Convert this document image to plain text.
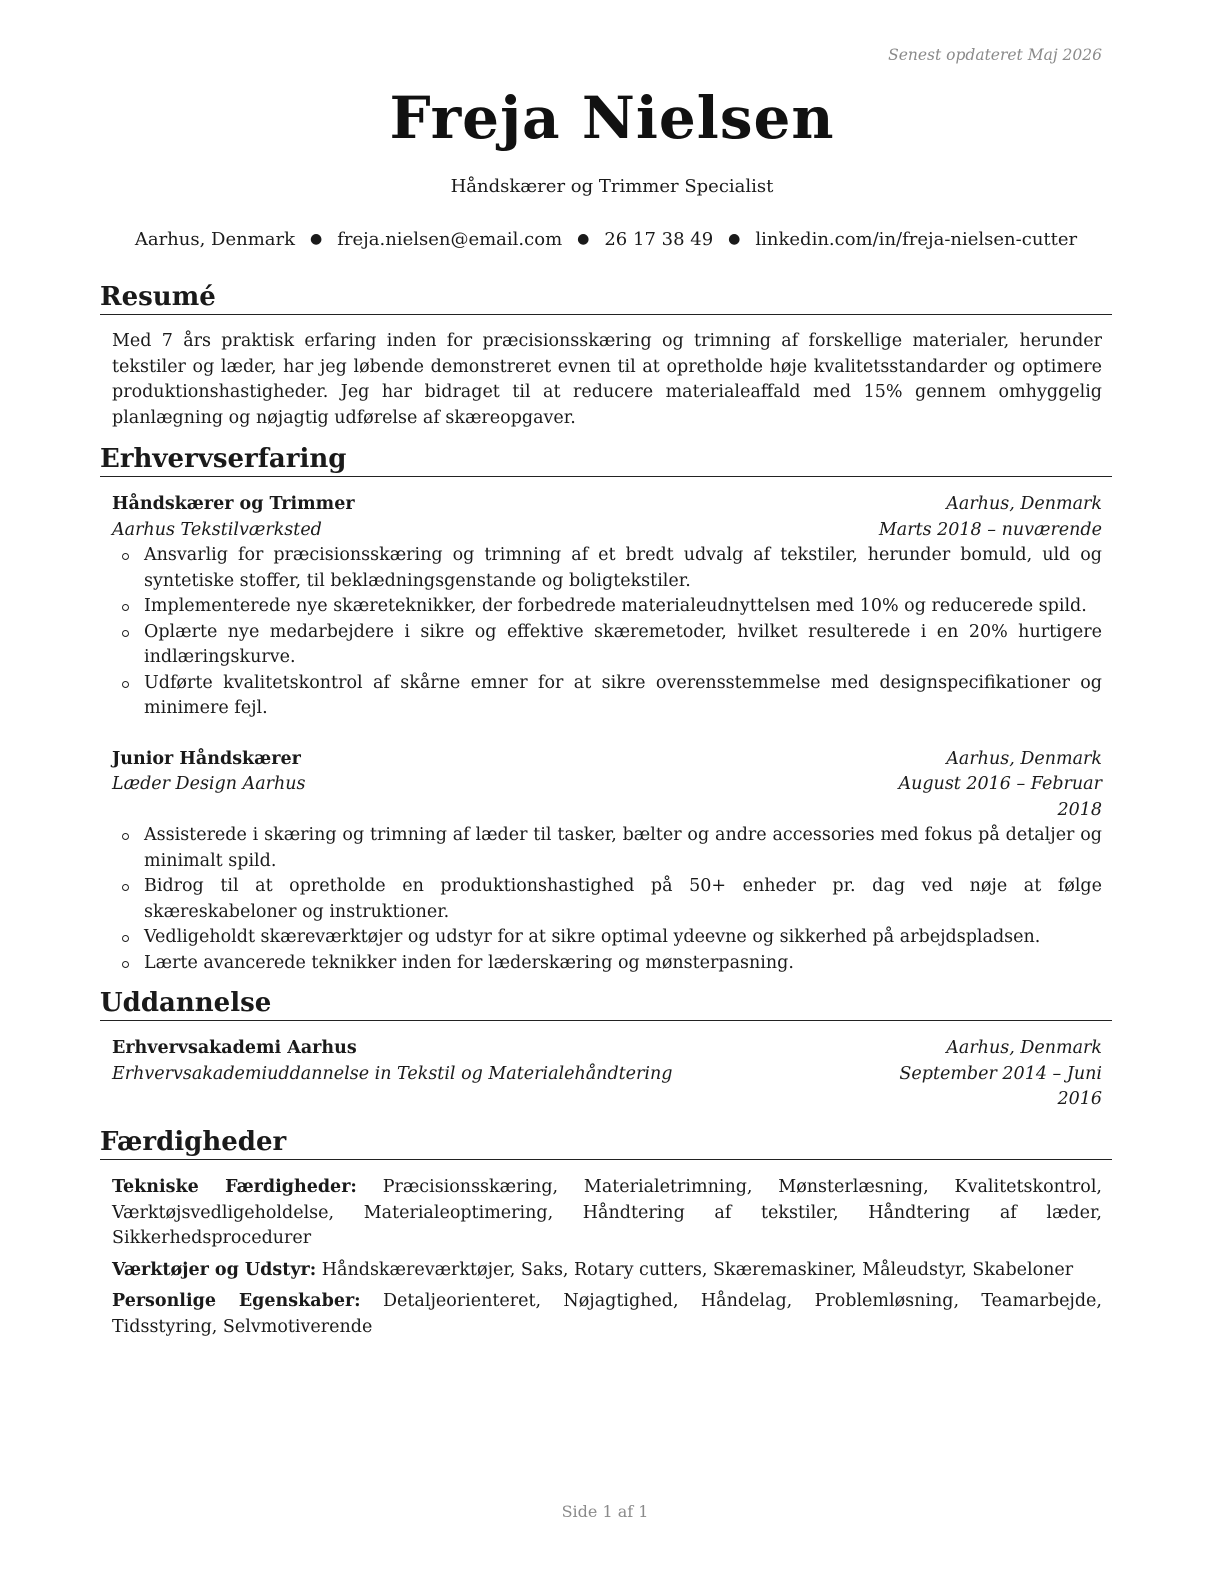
Senest opdateret Maj 2026
Freja Nielsen
Håndskærer og Trimmer Specialist
Aarhus, Denmark ● freja.nielsen@email.com ● 26 17 38 49 ● linkedin.com/in/freja-nielsen-cutter
Resumé

Med 7 års praktisk erfaring inden for præcisionsskæring og trimning af forskellige materialer, herunder tekstiler og læder, har jeg løbende demonstreret evnen til at opretholde høje kvalitetsstandarder og optimere produktionshastigheder. Jeg har bidraget til at reducere materialeaffald med 15% gennem omhyggelig planlægning og nøjagtig udførelse af skæreopgaver.

Erhvervserfaring
Håndskærer og Trimmer	Aarhus, Denmark
Aarhus Tekstilværksted	Marts 2018 – nuværende
Ansvarlig for præcisionsskæring og trimning af et bredt udvalg af tekstiler, herunder bomuld, uld og syntetiske stoffer, til beklædningsgenstande og boligtekstiler.
Implementerede nye skæreteknikker, der forbedrede materialeudnyttelsen med 10% og reducerede spild.
Oplærte nye medarbejdere i sikre og effektive skæremetoder, hvilket resulterede i en 20% hurtigere indlæringskurve.
Udførte kvalitetskontrol af skårne emner for at sikre overensstemmelse med designspecifikationer og minimere fejl.
Junior Håndskærer	Aarhus, Denmark
Læder Design Aarhus	August 2016 – Februar
2018
Assisterede i skæring og trimning af læder til tasker, bælter og andre accessories med fokus på detaljer og minimalt spild.
Bidrog til at opretholde en produktionshastighed på 50+ enheder pr. dag ved nøje at følge skæreskabeloner og instruktioner.
Vedligeholdt skæreværktøjer og udstyr for at sikre optimal ydeevne og sikkerhed på arbejdspladsen.
Lærte avancerede teknikker inden for læderskæring og mønsterpasning.
Uddannelse
Erhvervsakademi Aarhus	Aarhus, Denmark
Erhvervsakademiuddannelse in Tekstil og Materialehåndtering	September 2014 – Juni
2016
Færdigheder
Tekniske Færdigheder: Præcisionsskæring, Materialetrimning, Mønsterlæsning, Kvalitetskontrol, Værktøjsvedligeholdelse, Materialeoptimering, Håndtering af tekstiler, Håndtering af læder, Sikkerhedsprocedurer
Værktøjer og Udstyr: Håndskæreværktøjer, Saks, Rotary cutters, Skæremaskiner, Måleudstyr, Skabeloner
Personlige Egenskaber: Detaljeorienteret, Nøjagtighed, Håndelag, Problemløsning, Teamarbejde, Tidsstyring, Selvmotiverende
Side 1 af 1
